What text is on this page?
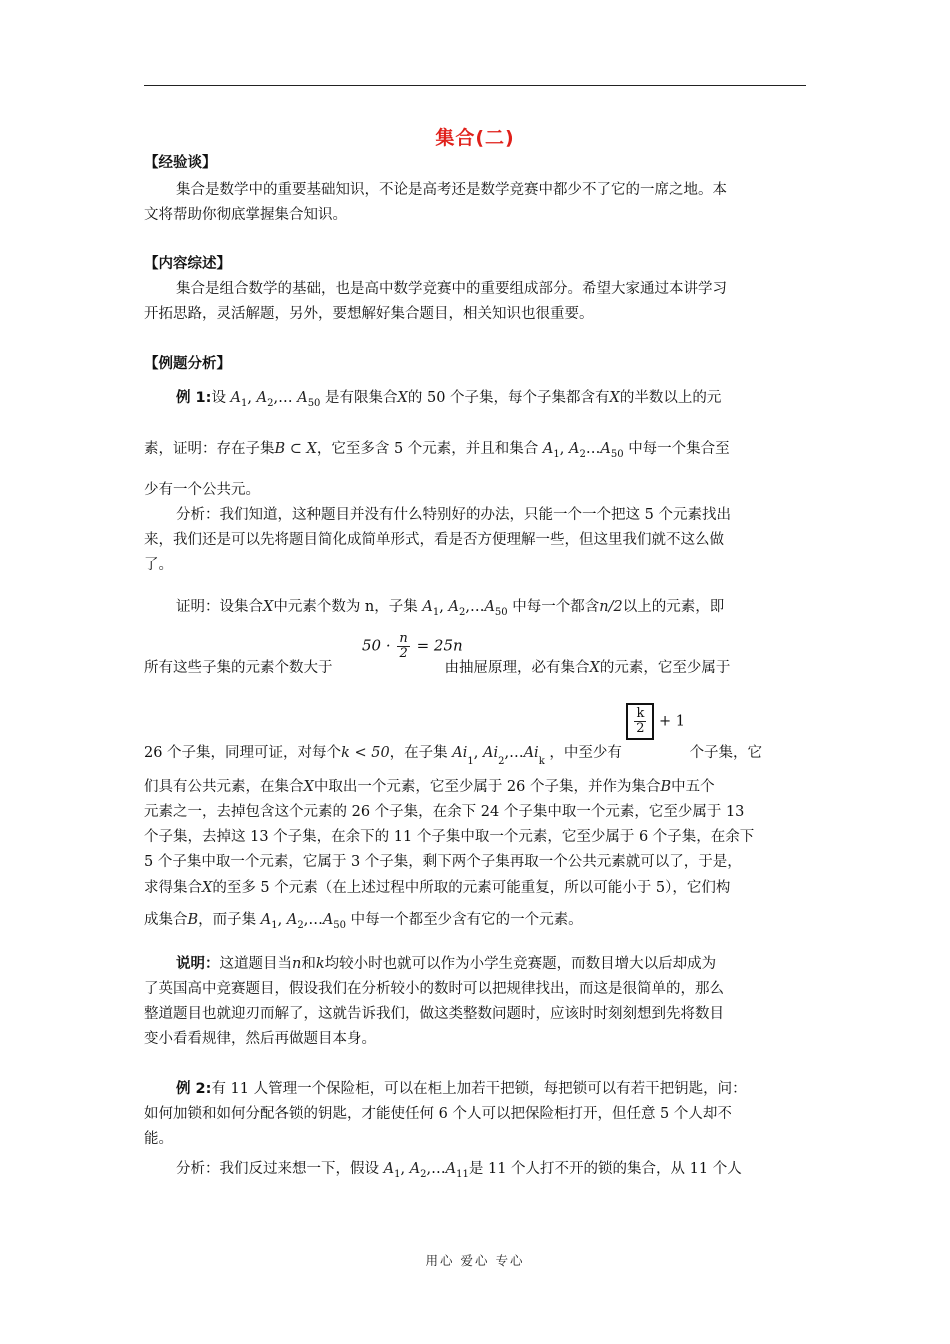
集合(二)
【经验谈】
集合是数学中的重要基础知识，不论是高考还是数学竞赛中都少不了它的一席之地。本
文将帮助你彻底掌握集合知识。
【内容综述】
集合是组合数学的基础，也是高中数学竞赛中的重要组成部分。希望大家通过本讲学习
开拓思路，灵活解题，另外，要想解好集合题目，相关知识也很重要。
【例题分析】
例 1:设 $A_1$, $A_2,\dots$ $A_{50}$ 是有限集合X的 50 个子集，每个子集都含有X的半数以上的元
素，证明：存在子集B ⊂ X，它至多含 5 个元素，并且和集合 $A_1$, $A_2\dots A_{50}$ 中每一个集合至
少有一个公共元。
分析：我们知道，这种题目并没有什么特别好的办法，只能一个一个把这 5 个元素找出
来，我们还是可以先将题目简化成简单形式，看是否方便理解一些，但这里我们就不这么做
了。
证明：设集合X中元素个数为 n，子集 $A_1$, $A_2,\dots A_{50}$ 中每一个都含n/2以上的元素，即
$50 \cdot \frac{n}{2} = 25n$
所有这些子集的元素个数大于	由抽屉原理，必有集合X的元素，它至少属于
26 个子集，同理可证，对每个k < 50，在子集 $Ai_1$, $Ai_2,\dots Ai_k$ ，中至少有
$\frac{k}{2} + 1$ 个子集，它
们具有公共元素，在集合X中取出一个元素，它至少属于 26 个子集，并作为集合B中五个
元素之一，去掉包含这个元素的 26 个子集，在余下 24 个子集中取一个元素，它至少属于 13
个子集，去掉这 13 个子集，在余下的 11 个子集中取一个元素，它至少属于 6 个子集，在余下
5 个子集中取一个元素，它属于 3 个子集，剩下两个子集再取一个公共元素就可以了，于是，
求得集合X的至多 5 个元素（在上述过程中所取的元素可能重复，所以可能小于 5），它们构
成集合B，而子集 $A_1$, $A_2,\dots A_{50}$ 中每一个都至少含有它的一个元素。
说明：这道题目当n和k均较小时也就可以作为小学生竞赛题，而数目增大以后却成为
了英国高中竞赛题目，假设我们在分析较小的数时可以把规律找出，而这是很简单的，那么
整道题目也就迎刃而解了，这就告诉我们，做这类整数问题时，应该时时刻刻想到先将数目
变小看看规律，然后再做题目本身。
例 2:有 11 人管理一个保险柜，可以在柜上加若干把锁，每把锁可以有若干把钥匙，问：
如何加锁和如何分配各锁的钥匙，才能使任何 6 个人可以把保险柜打开，但任意 5 个人却不
能。
分析：我们反过来想一下，假设 $A_1$, $A_2,\dots A_{11}$是 11 个人打不开的锁的集合，从 11 个人
用心 爱心 专心
